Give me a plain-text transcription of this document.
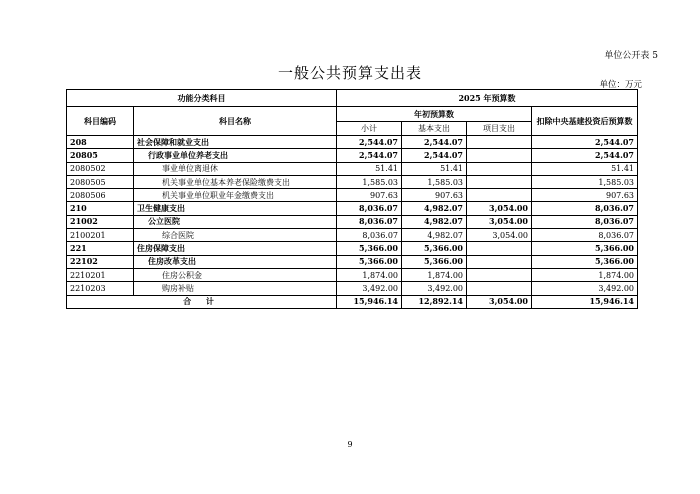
单位公开表 5
一般公共预算支出表
单位：万元
功能分类科目		2025 年预算数			
科目编码	科目名称	年初预算数			扣除中央基建投资后预算数
		小计	基本支出	项目支出	
208	社会保障和就业支出	2,544.07	2,544.07		2,544.07
20805	行政事业单位养老支出	2,544.07	2,544.07		2,544.07
2080502	事业单位离退休	51.41	51.41		51.41
2080505	机关事业单位基本养老保险缴费支出	1,585.03	1,585.03		1,585.03
2080506	机关事业单位职业年金缴费支出	907.63	907.63		907.63
210	卫生健康支出	8,036.07	4,982.07	3,054.00	8,036.07
21002	公立医院	8,036.07	4,982.07	3,054.00	8,036.07
2100201	综合医院	8,036.07	4,982.07	3,054.00	8,036.07
221	住房保障支出	5,366.00	5,366.00		5,366.00
22102	住房改革支出	5,366.00	5,366.00		5,366.00
2210201	住房公积金	1,874.00	1,874.00		1,874.00
2210203	购房补贴	3,492.00	3,492.00		3,492.00
合 计		15,946.14	12,892.14	3,054.00	15,946.14
9
